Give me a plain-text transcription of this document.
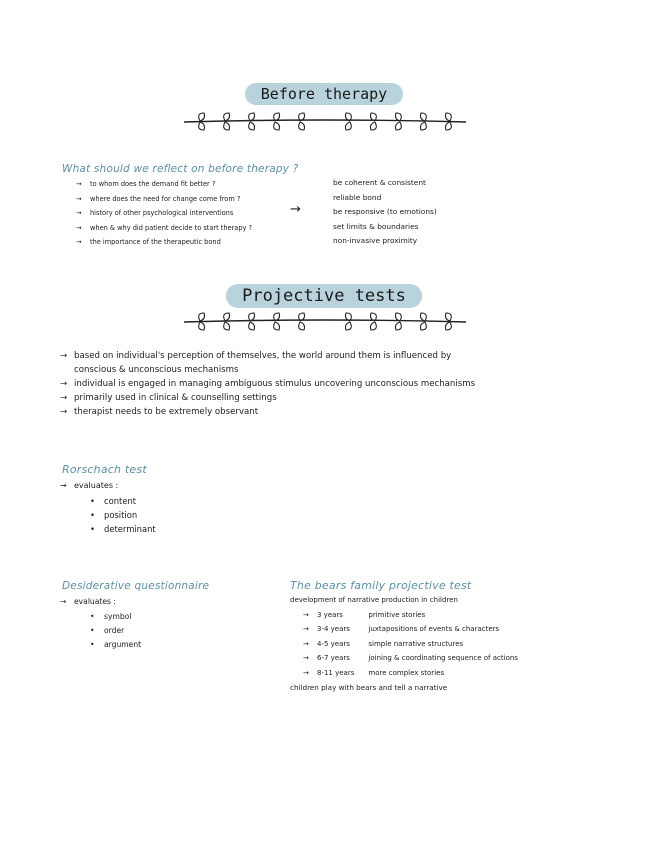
Before therapy
What should we reflect on before therapy ?
→ to whom does the demand fit better ?
→ where does the need for change come from ?
→ history of other psychological interventions
→ when & why did patient decide to start therapy ?
→ the importance of the therapeutic bond
→
be coherent & consistent
reliable bond
be responsive (to emotions)
set limits & boundaries
non-invasive proximity
Projective tests
→ based on individual's perception of themselves, the world around them is influenced by
conscious & unconscious mechanisms
→ individual is engaged in managing ambiguous stimulus uncovering unconscious mechanisms
→ primarily used in clinical & counselling settings
→ therapist needs to be extremely observant
Rorschach test
→ evaluates :
• content
• position
• determinant
Desiderative questionnaire
→ evaluates :
• symbol
• order
• argument
The bears family projective test
development of narrative production in children
→ 3 years	primitive stories
→ 3-4 years	juxtapositions of events & characters
→ 4-5 years	simple narrative structures
→ 6-7 years	joining & coordinating sequence of actions
→ 8-11 years	more complex stories
children play with bears and tell a narrative
